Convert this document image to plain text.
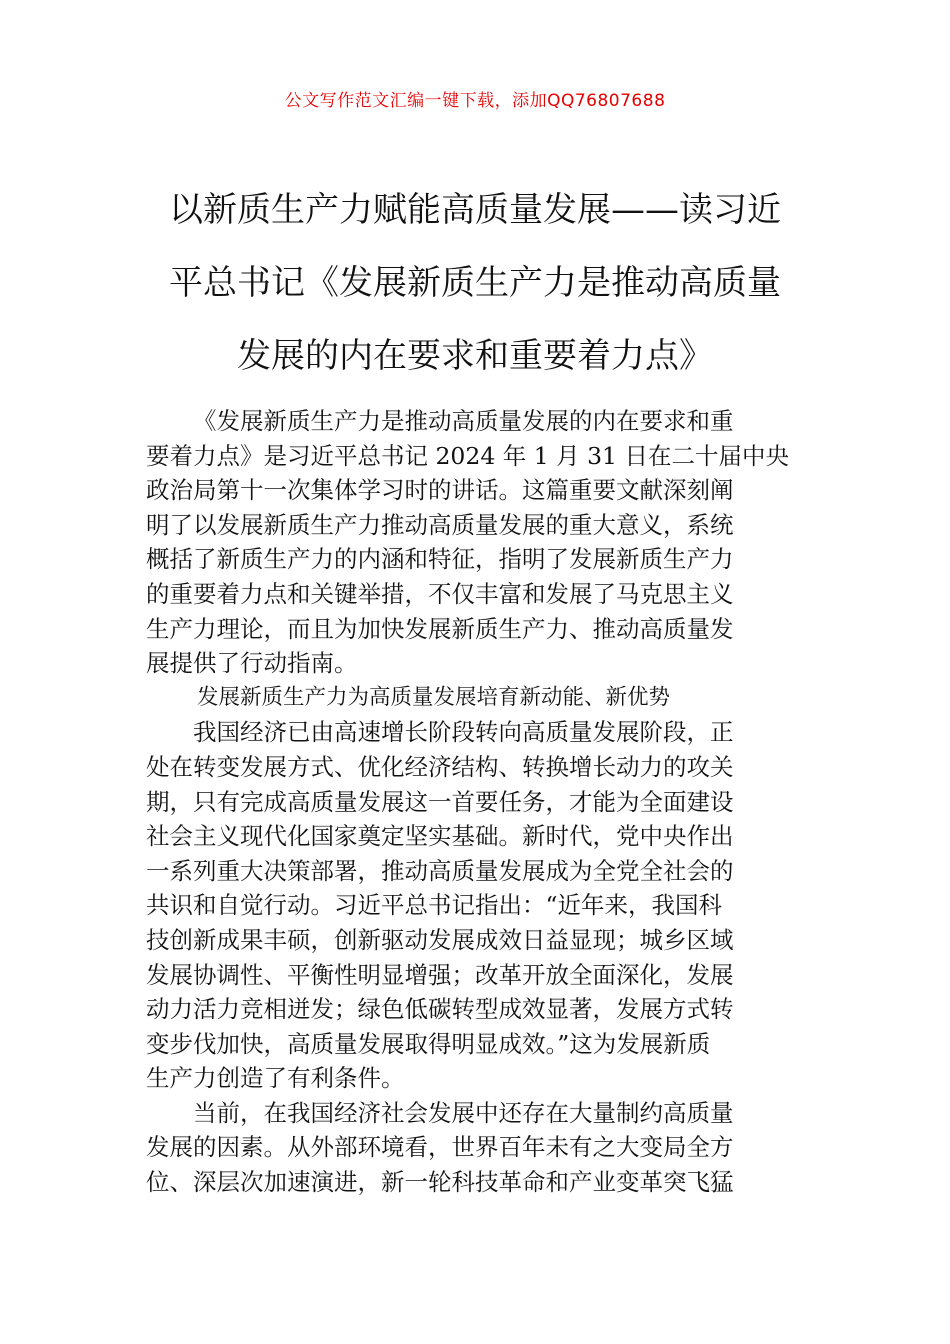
公文写作范文汇编一键下载，添加QQ76807688
以新质生产力赋能高质量发展——读习近
平总书记《发展新质生产力是推动高质量
发展的内在要求和重要着力点》

《发展新质生产力是推动高质量发展的内在要求和重
要着力点》是习近平总书记 2024 年 1 月 31 日在二十届中央
政治局第十一次集体学习时的讲话。这篇重要文献深刻阐
明了以发展新质生产力推动高质量发展的重大意义，系统
概括了新质生产力的内涵和特征，指明了发展新质生产力
的重要着力点和关键举措，不仅丰富和发展了马克思主义
生产力理论，而且为加快发展新质生产力、推动高质量发
展提供了行动指南。

发展新质生产力为高质量发展培育新动能、新优势

我国经济已由高速增长阶段转向高质量发展阶段，正
处在转变发展方式、优化经济结构、转换增长动力的攻关
期，只有完成高质量发展这一首要任务，才能为全面建设
社会主义现代化国家奠定坚实基础。新时代，党中央作出
一系列重大决策部署，推动高质量发展成为全党全社会的
共识和自觉行动。习近平总书记指出：“近年来，我国科
技创新成果丰硕，创新驱动发展成效日益显现；城乡区域
发展协调性、平衡性明显增强；改革开放全面深化，发展
动力活力竞相迸发；绿色低碳转型成效显著，发展方式转
变步伐加快，高质量发展取得明显成效。”这为发展新质
生产力创造了有利条件。

当前，在我国经济社会发展中还存在大量制约高质量
发展的因素。从外部环境看，世界百年未有之大变局全方
位、深层次加速演进，新一轮科技革命和产业变革突飞猛
